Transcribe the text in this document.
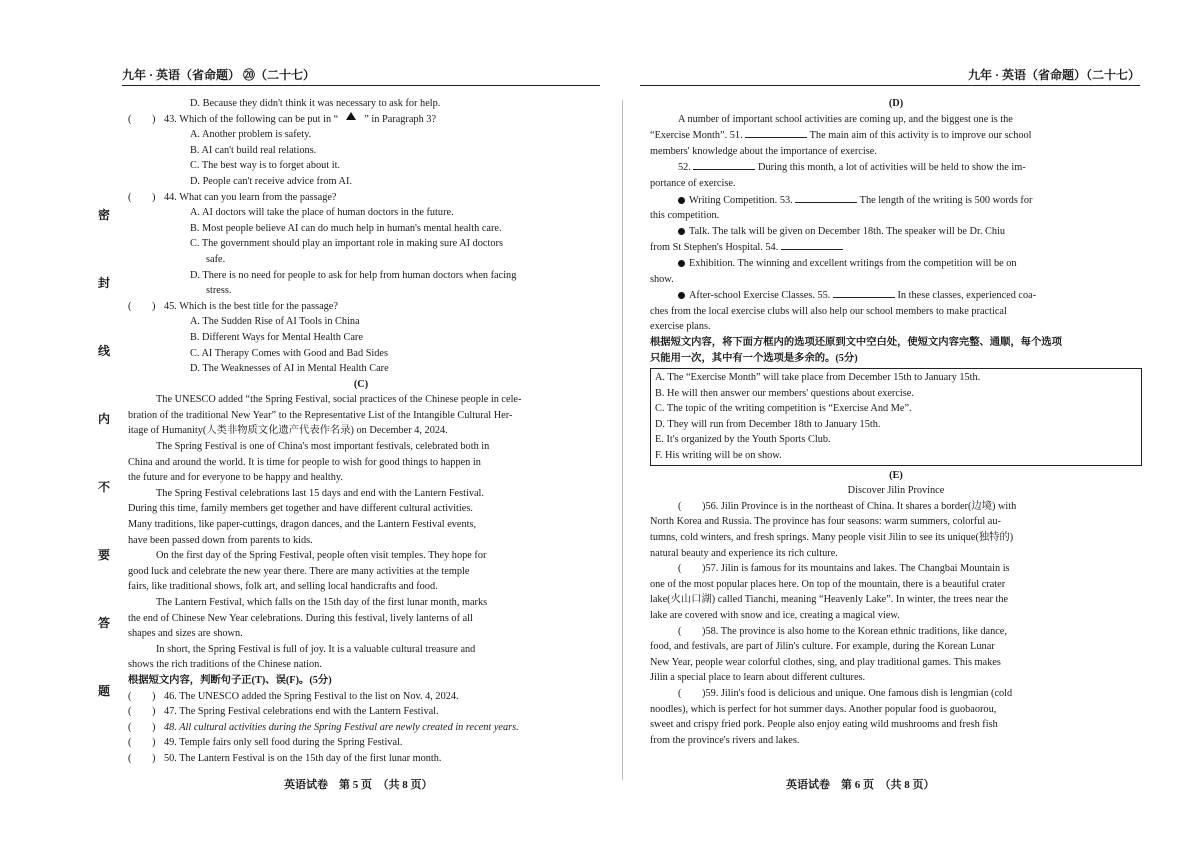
九年 · 英语（省命题） ⑳（二十七）
密
封
线
内
不
要
答
题
D. Because they didn't think it was necessary to ask for help.
(　　) 43. Which of the following can be put in “	” in Paragraph 3?
A. Another problem is safety.
B. AI can't build real relations.
C. The best way is to forget about it.
D. People can't receive advice from AI.
(　　) 44. What can you learn from the passage?
A. AI doctors will take the place of human doctors in the future.
B. Most people believe AI can do much help in human's mental health care.
C. The government should play an important role in making sure AI doctors
safe.
D. There is no need for people to ask for help from human doctors when facing
stress.
(　　) 45. Which is the best title for the passage?
A. The Sudden Rise of AI Tools in China
B. Different Ways for Mental Health Care
C. AI Therapy Comes with Good and Bad Sides
D. The Weaknesses of AI in Mental Health Care
(C)
The UNESCO added “the Spring Festival, social practices of the Chinese people in cele-
bration of the traditional New Year” to the Representative List of the Intangible Cultural Her-
itage of Humanity(人类非物质文化遗产代表作名录) on December 4, 2024.
The Spring Festival is one of China's most important festivals, celebrated both in
China and around the world. It is time for people to wish for good things to happen in
the future and for everyone to be happy and healthy.
The Spring Festival celebrations last 15 days and end with the Lantern Festival.
During this time, family members get together and have different cultural activities.
Many traditions, like paper-cuttings, dragon dances, and the Lantern Festival events,
have been passed down from parents to kids.
On the first day of the Spring Festival, people often visit temples. They hope for
good luck and celebrate the new year there. There are many activities at the temple
fairs, like traditional shows, folk art, and selling local handicrafts and food.
The Lantern Festival, which falls on the 15th day of the first lunar month, marks
the end of Chinese New Year celebrations. During this festival, lively lanterns of all
shapes and sizes are shown.
In short, the Spring Festival is full of joy. It is a valuable cultural treasure and
shows the rich traditions of the Chinese nation.
根据短文内容，判断句子正(T)、误(F)。(5分)
(　　) 46. The UNESCO added the Spring Festival to the list on Nov. 4, 2024.
(　　) 47. The Spring Festival celebrations end with the Lantern Festival.
(　　) 48. All cultural activities during the Spring Festival are newly created in recent years.
(　　) 49. Temple fairs only sell food during the Spring Festival.
(　　) 50. The Lantern Festival is on the 15th day of the first lunar month.
英语试卷　第 5 页　（共 8 页）
九年 · 英语（省命题）（二十七）
(D)
A number of important school activities are coming up, and the biggest one is the
“Exercise Month”. 51.	The main aim of this activity is to improve our school
members' knowledge about the importance of exercise.
52.	During this month, a lot of activities will be held to show the im-
portance of exercise.
Writing Competition. 53.	The length of the writing is 500 words for
this competition.
Talk. The talk will be given on December 18th. The speaker will be Dr. Chiu
from St Stephen's Hospital. 54.
Exhibition. The winning and excellent writings from the competition will be on
show.
After-school Exercise Classes. 55.	In these classes, experienced coa-
ches from the local exercise clubs will also help our school members to make practical
exercise plans.
根据短文内容，将下面方框内的选项还原到文中空白处，使短文内容完整、通顺，每个选项
只能用一次，其中有一个选项是多余的。(5分)
A. The “Exercise Month” will take place from December 15th to January 15th.
B. He will then answer our members' questions about exercise.
C. The topic of the writing competition is “Exercise And Me”.
D. They will run from December 18th to January 15th.
E. It's organized by the Youth Sports Club.
F. His writing will be on show.
(E)
Discover Jilin Province
(　　)56. Jilin Province is in the northeast of China. It shares a border(边境) with
North Korea and Russia. The province has four seasons: warm summers, colorful au-
tumns, cold winters, and fresh springs. Many people visit Jilin to see its unique(独特的)
natural beauty and experience its rich culture.
(　　)57. Jilin is famous for its mountains and lakes. The Changbai Mountain is
one of the most popular places here. On top of the mountain, there is a beautiful crater
lake(火山口湖) called Tianchi, meaning “Heavenly Lake”. In winter, the trees near the
lake are covered with snow and ice, creating a magical view.
(　　)58. The province is also home to the Korean ethnic traditions, like dance,
food, and festivals, are part of Jilin's culture. For example, during the Korean Lunar
New Year, people wear colorful clothes, sing, and play traditional games. This makes
Jilin a special place to learn about different cultures.
(　　)59. Jilin's food is delicious and unique. One famous dish is lengmian (cold
noodles), which is perfect for hot summer days. Another popular food is guobaorou,
sweet and crispy fried pork. People also enjoy eating wild mushrooms and fresh fish
from the province's rivers and lakes.
英语试卷　第 6 页　（共 8 页）
